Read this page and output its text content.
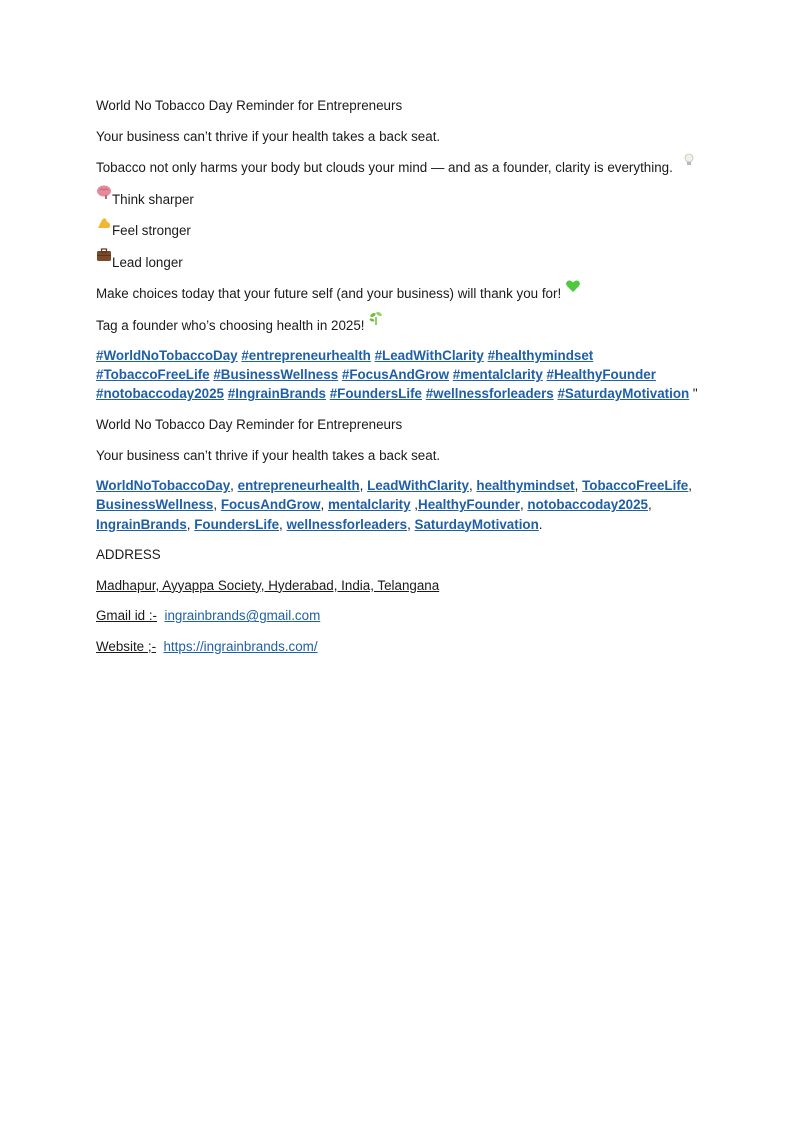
World No Tobacco Day Reminder for Entrepreneurs

Your business can’t thrive if your health takes a back seat.

Tobacco not only harms your body but clouds your mind — and as a founder, clarity is everything.

Think sharper

Feel stronger

Lead longer

Make choices today that your future self (and your business) will thank you for!

Tag a founder who’s choosing health in 2025!

#WorldNoTobaccoDay #entrepreneurhealth #LeadWithClarity #healthymindset #TobaccoFreeLife #BusinessWellness #FocusAndGrow #mentalclarity #HealthyFounder #notobaccoday2025 #IngrainBrands #FoundersLife #wellnessforleaders #SaturdayMotivation "

World No Tobacco Day Reminder for Entrepreneurs

Your business can’t thrive if your health takes a back seat.

WorldNoTobaccoDay, entrepreneurhealth, LeadWithClarity, healthymindset, TobaccoFreeLife, BusinessWellness, FocusAndGrow, mentalclarity ,HealthyFounder, notobaccoday2025, IngrainBrands, FoundersLife, wellnessforleaders, SaturdayMotivation.

ADDRESS

Madhapur, Ayyappa Society, Hyderabad, India, Telangana

Gmail id :- ingrainbrands@gmail.com

Website ;- https://ingrainbrands.com/
